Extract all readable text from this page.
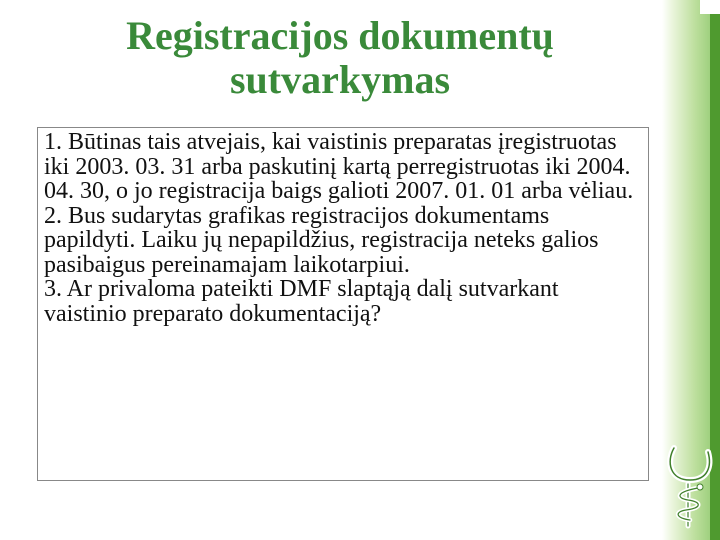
Registracijos dokumentų
sutvarkymas

1. Būtinas tais atvejais, kai vaistinis preparatas įregistruotas iki 2003. 03. 31 arba paskutinį kartą perregistruotas iki 2004. 04. 30, o jo registracija baigs galioti 2007. 01. 01 arba vėliau.

2. Bus sudarytas grafikas registracijos dokumentams papildyti. Laiku jų nepapildžius, registracija neteks galios pasibaigus pereinamajam laikotarpiui.

3. Ar privaloma pateikti DMF slaptąją dalį sutvarkant vaistinio preparato dokumentaciją?
